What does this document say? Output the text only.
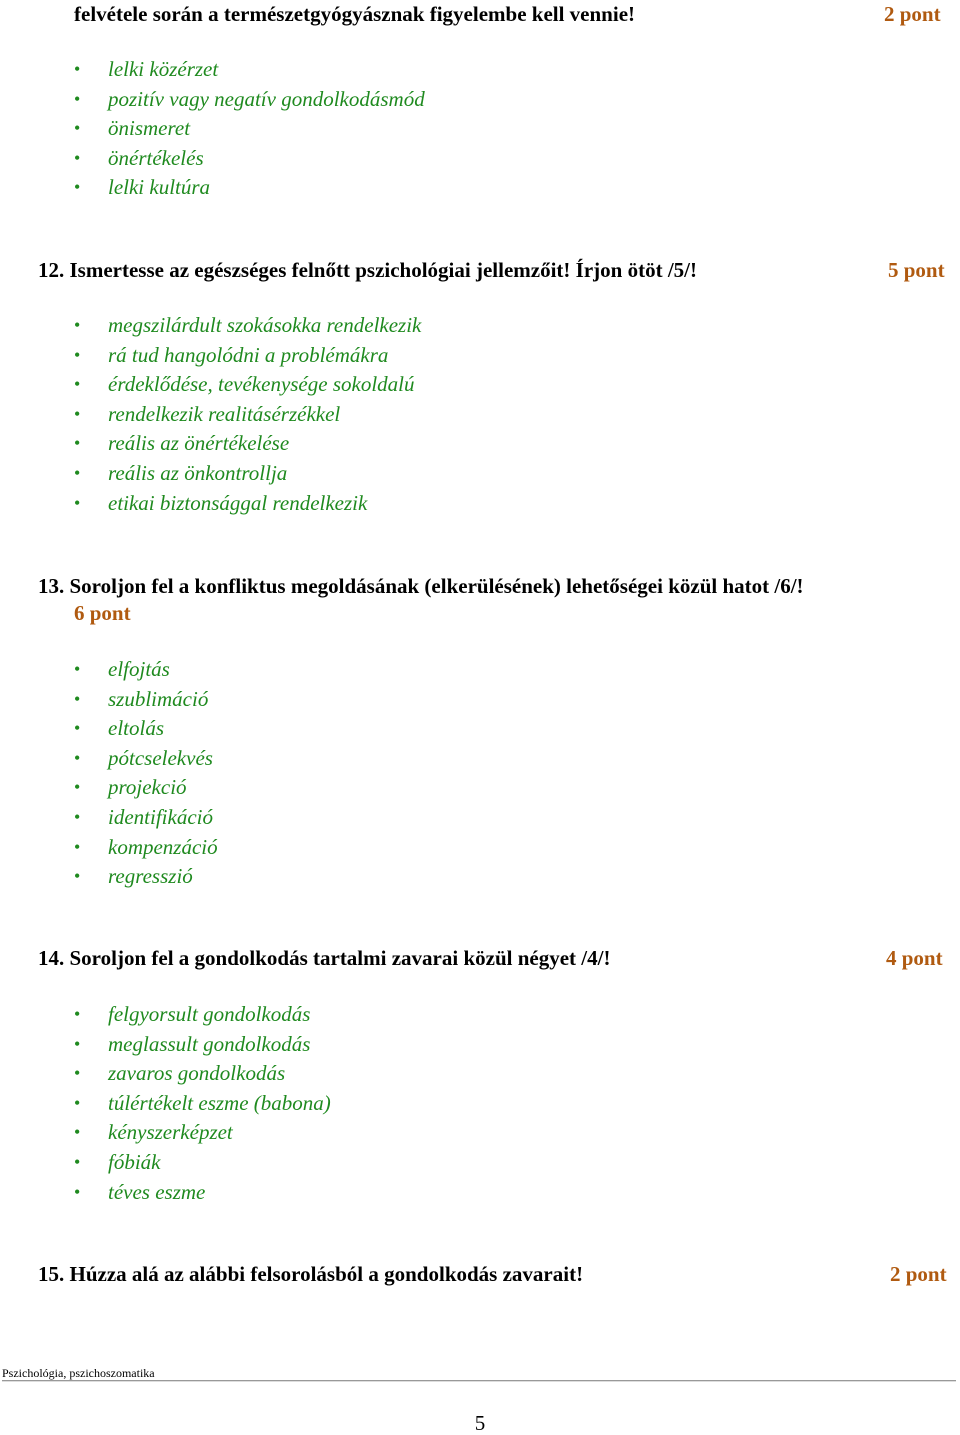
felvétele során a természetgyógyásznak figyelembe kell vennie!	2 pont
• lelki közérzet
• pozitív vagy negatív gondolkodásmód
• önismeret
• önértékelés
• lelki kultúra
12. Ismertesse az egészséges felnőtt pszichológiai jellemzőit! Írjon ötöt /5/!	5 pont
• megszilárdult szokásokka rendelkezik
• rá tud hangolódni a problémákra
• érdeklődése, tevékenysége sokoldalú
• rendelkezik realitásérzékkel
• reális az önértékelése
• reális az önkontrollja
• etikai biztonsággal rendelkezik
13. Soroljon fel a konfliktus megoldásának (elkerülésének) lehetőségei közül hatot /6/!
6 pont
• elfojtás
• szublimáció
• eltolás
• pótcselekvés
• projekció
• identifikáció
• kompenzáció
• regresszió
14. Soroljon fel a gondolkodás tartalmi zavarai közül négyet /4/!	4 pont
• felgyorsult gondolkodás
• meglassult gondolkodás
• zavaros gondolkodás
• túlértékelt eszme (babona)
• kényszerképzet
• fóbiák
• téves eszme
15. Húzza alá az alábbi felsorolásból a gondolkodás zavarait!	2 pont
Pszichológia, pszichoszomatika
5
